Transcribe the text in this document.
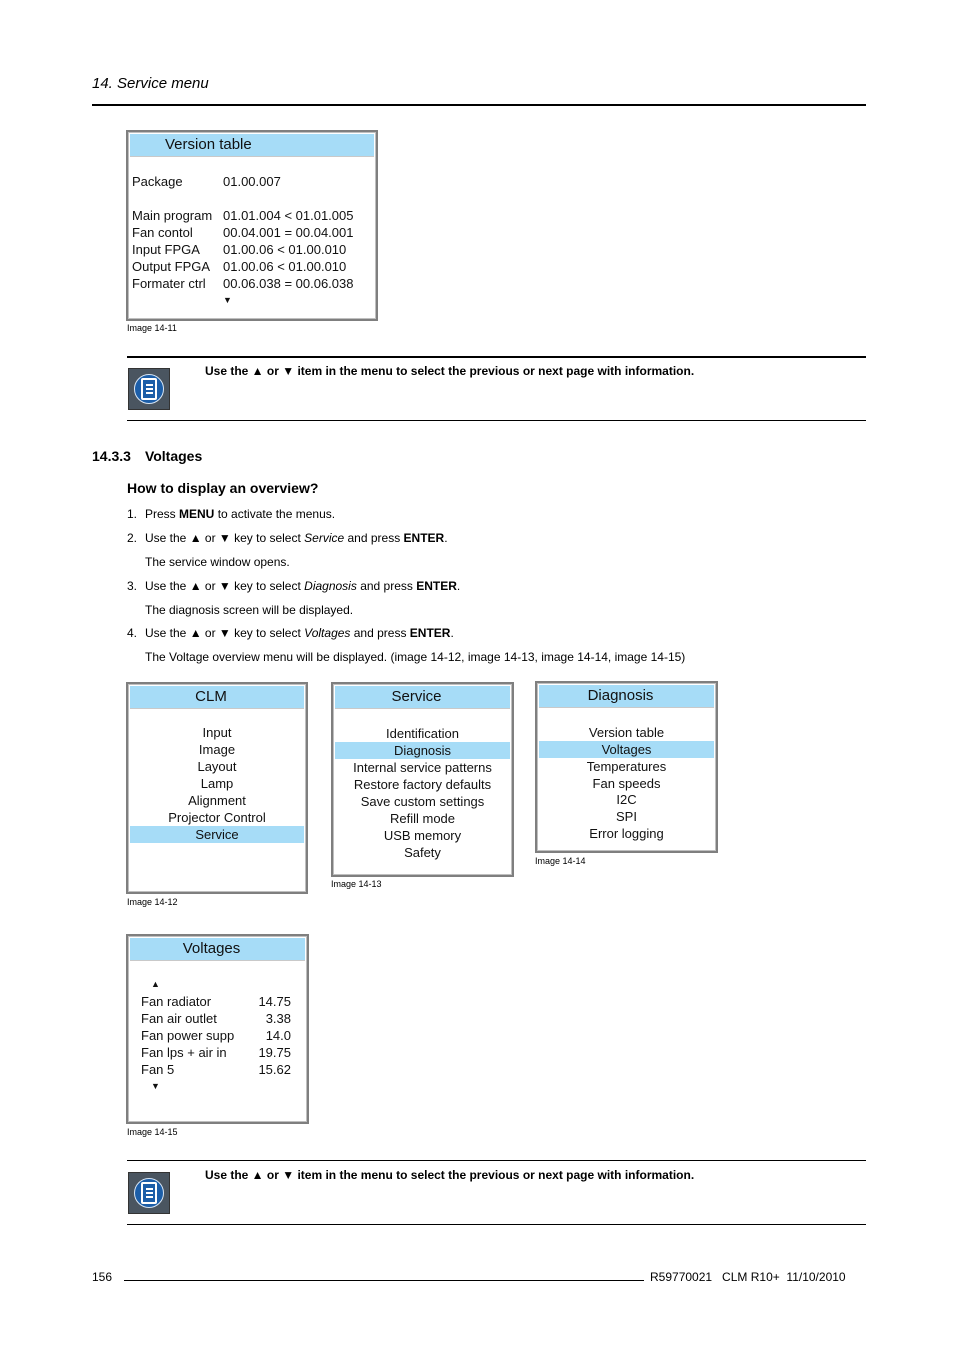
14. Service menu
Version table
Package	01.00.007
Main program 01.01.004 < 01.01.005
Fan contol 00.04.001 = 00.04.001
Input FPGA 01.00.06 < 01.00.010
Output FPGA 01.00.06 < 01.00.010
Formater ctrl 00.06.038 = 00.06.038
▼
Image 14-11
Use the ▲ or ▼ item in the menu to select the previous or next page with information.
14.3.3 Voltages
How to display an overview?
1. Press MENU to activate the menus.
2. Use the ▲ or ▼ key to select Service and press ENTER.
The service window opens.
3. Use the ▲ or ▼ key to select Diagnosis and press ENTER.
The diagnosis screen will be displayed.
4. Use the ▲ or ▼ key to select Voltages and press ENTER.
The Voltage overview menu will be displayed. (image 14-12, image 14-13, image 14-14, image 14-15)
CLM
Input
Image
Layout
Lamp
Alignment
Projector Control
Service
Image 14-12
Service
Identification
Diagnosis
Internal service patterns
Restore factory defaults
Save custom settings
Refill mode
USB memory
Safety
Image 14-13
Diagnosis
Version table
Voltages
Temperatures
Fan speeds
I2C
SPI
Error logging
Image 14-14
Voltages
▲
Fan radiator	14.75
Fan air outlet	3.38
Fan power supp 14.0
Fan lps + air in 19.75
Fan 5	15.62
▼
Image 14-15
Use the ▲ or ▼ item in the menu to select the previous or next page with information.
156	R59770021   CLM R10+  11/10/2010
